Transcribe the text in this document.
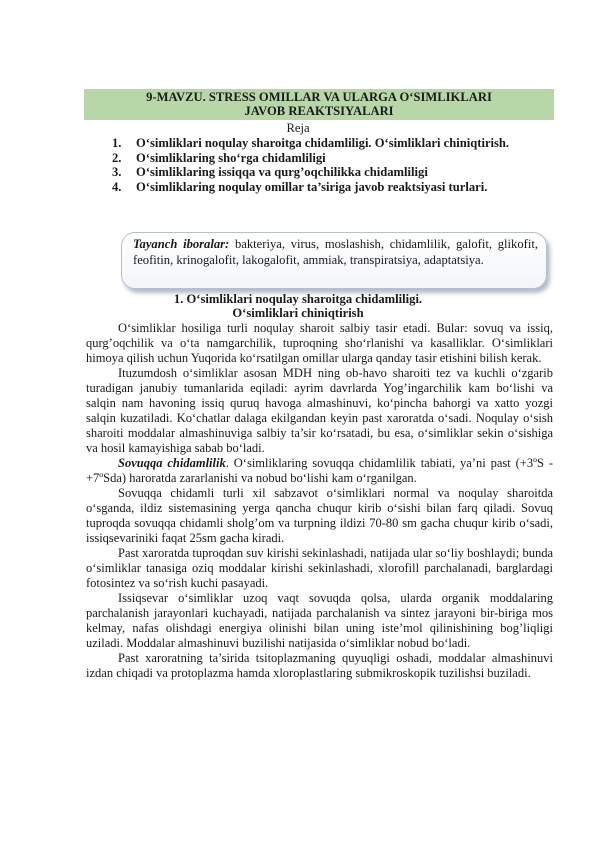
9-MAVZU. STRESS OMILLAR VA ULARGA O‘SIMLIKLARI
JAVOB REAKTSIYALARI
Reja
1. O‘simliklari noqulay sharoitga chidamliligi. O‘simliklari chiniqtirish.
2. O‘simliklaring sho‘rga chidamliligi
3. O‘simliklaring issiqqa va qurg’oqchilikka chidamliligi
4. O‘simliklaring noqulay omillar ta’siriga javob reaktsiyasi turlari.
Tayanch iboralar: bakteriya, virus, moslashish, chidamlilik, galofit, glikofit, feofitin, krinogalofit, lakogalofit, ammiak, transpiratsiya, adaptatsiya.
1. O‘simliklari noqulay sharoitga chidamliligi.
O‘simliklari chiniqtirish

O‘simliklar hosiliga turli noqulay sharoit salbiy tasir etadi. Bular: sovuq va issiq, qurg’oqchilik va o‘ta namgarchilik, tuproqning sho‘rlanishi va kasalliklar. O‘simliklari himoya qilish uchun Yuqorida ko‘rsatilgan omillar ularga qanday tasir etishini bilish kerak.

Ituzumdosh o‘simliklar asosan MDH ning ob-havo sharoiti tez va kuchli o‘zgarib turadigan janubiy tumanlarida eqiladi: ayrim davrlarda Yog’ingarchilik kam bo‘lishi va salqin nam havoning issiq quruq havoga almashinuvi, ko‘pincha bahorgi va xatto yozgi salqin kuzatiladi. Ko‘chatlar dalaga ekilgandan keyin past xaroratda o‘sadi. Noqulay o‘sish sharoiti moddalar almashinuviga salbiy ta’sir ko‘rsatadi, bu esa, o‘simliklar sekin o‘sishiga va hosil kamayishiga sabab bo‘ladi.

Sovuqqa chidamlilik. O‘simliklaring sovuqqa chidamlilik tabiati, ya’ni past (+3ºS - +7ºSda) haroratda zararlanishi va nobud bo‘lishi kam o‘rganilgan.

Sovuqqa chidamli turli xil sabzavot o‘simliklari normal va noqulay sharoitda o‘sganda, ildiz sistemasining yerga qancha chuqur kirib o‘sishi bilan farq qiladi. Sovuq tuproqda sovuqqa chidamli sholg’om va turpning ildizi 70-80 sm gacha chuqur kirib o‘sadi, issiqsevariniki faqat 25sm gacha kiradi.

Past xaroratda tuproqdan suv kirishi sekinlashadi, natijada ular so‘liy boshlaydi; bunda o‘simliklar tanasiga oziq moddalar kirishi sekinlashadi, xlorofill parchalanadi, barglardagi fotosintez va so‘rish kuchi pasayadi.

Issiqsevar o‘simliklar uzoq vaqt sovuqda qolsa, ularda organik moddalaring parchalanish jarayonlari kuchayadi, natijada parchalanish va sintez jarayoni bir-biriga mos kelmay, nafas olishdagi energiya olinishi bilan uning iste’mol qilinishining bog’liqligi uziladi. Moddalar almashinuvi buzilishi natijasida o‘simliklar nobud bo‘ladi.

Past xaroratning ta’sirida tsitoplazmaning quyuqligi oshadi, moddalar almashinuvi izdan chiqadi va protoplazma hamda xloroplastlaring submikroskopik tuzilishsi buziladi.
